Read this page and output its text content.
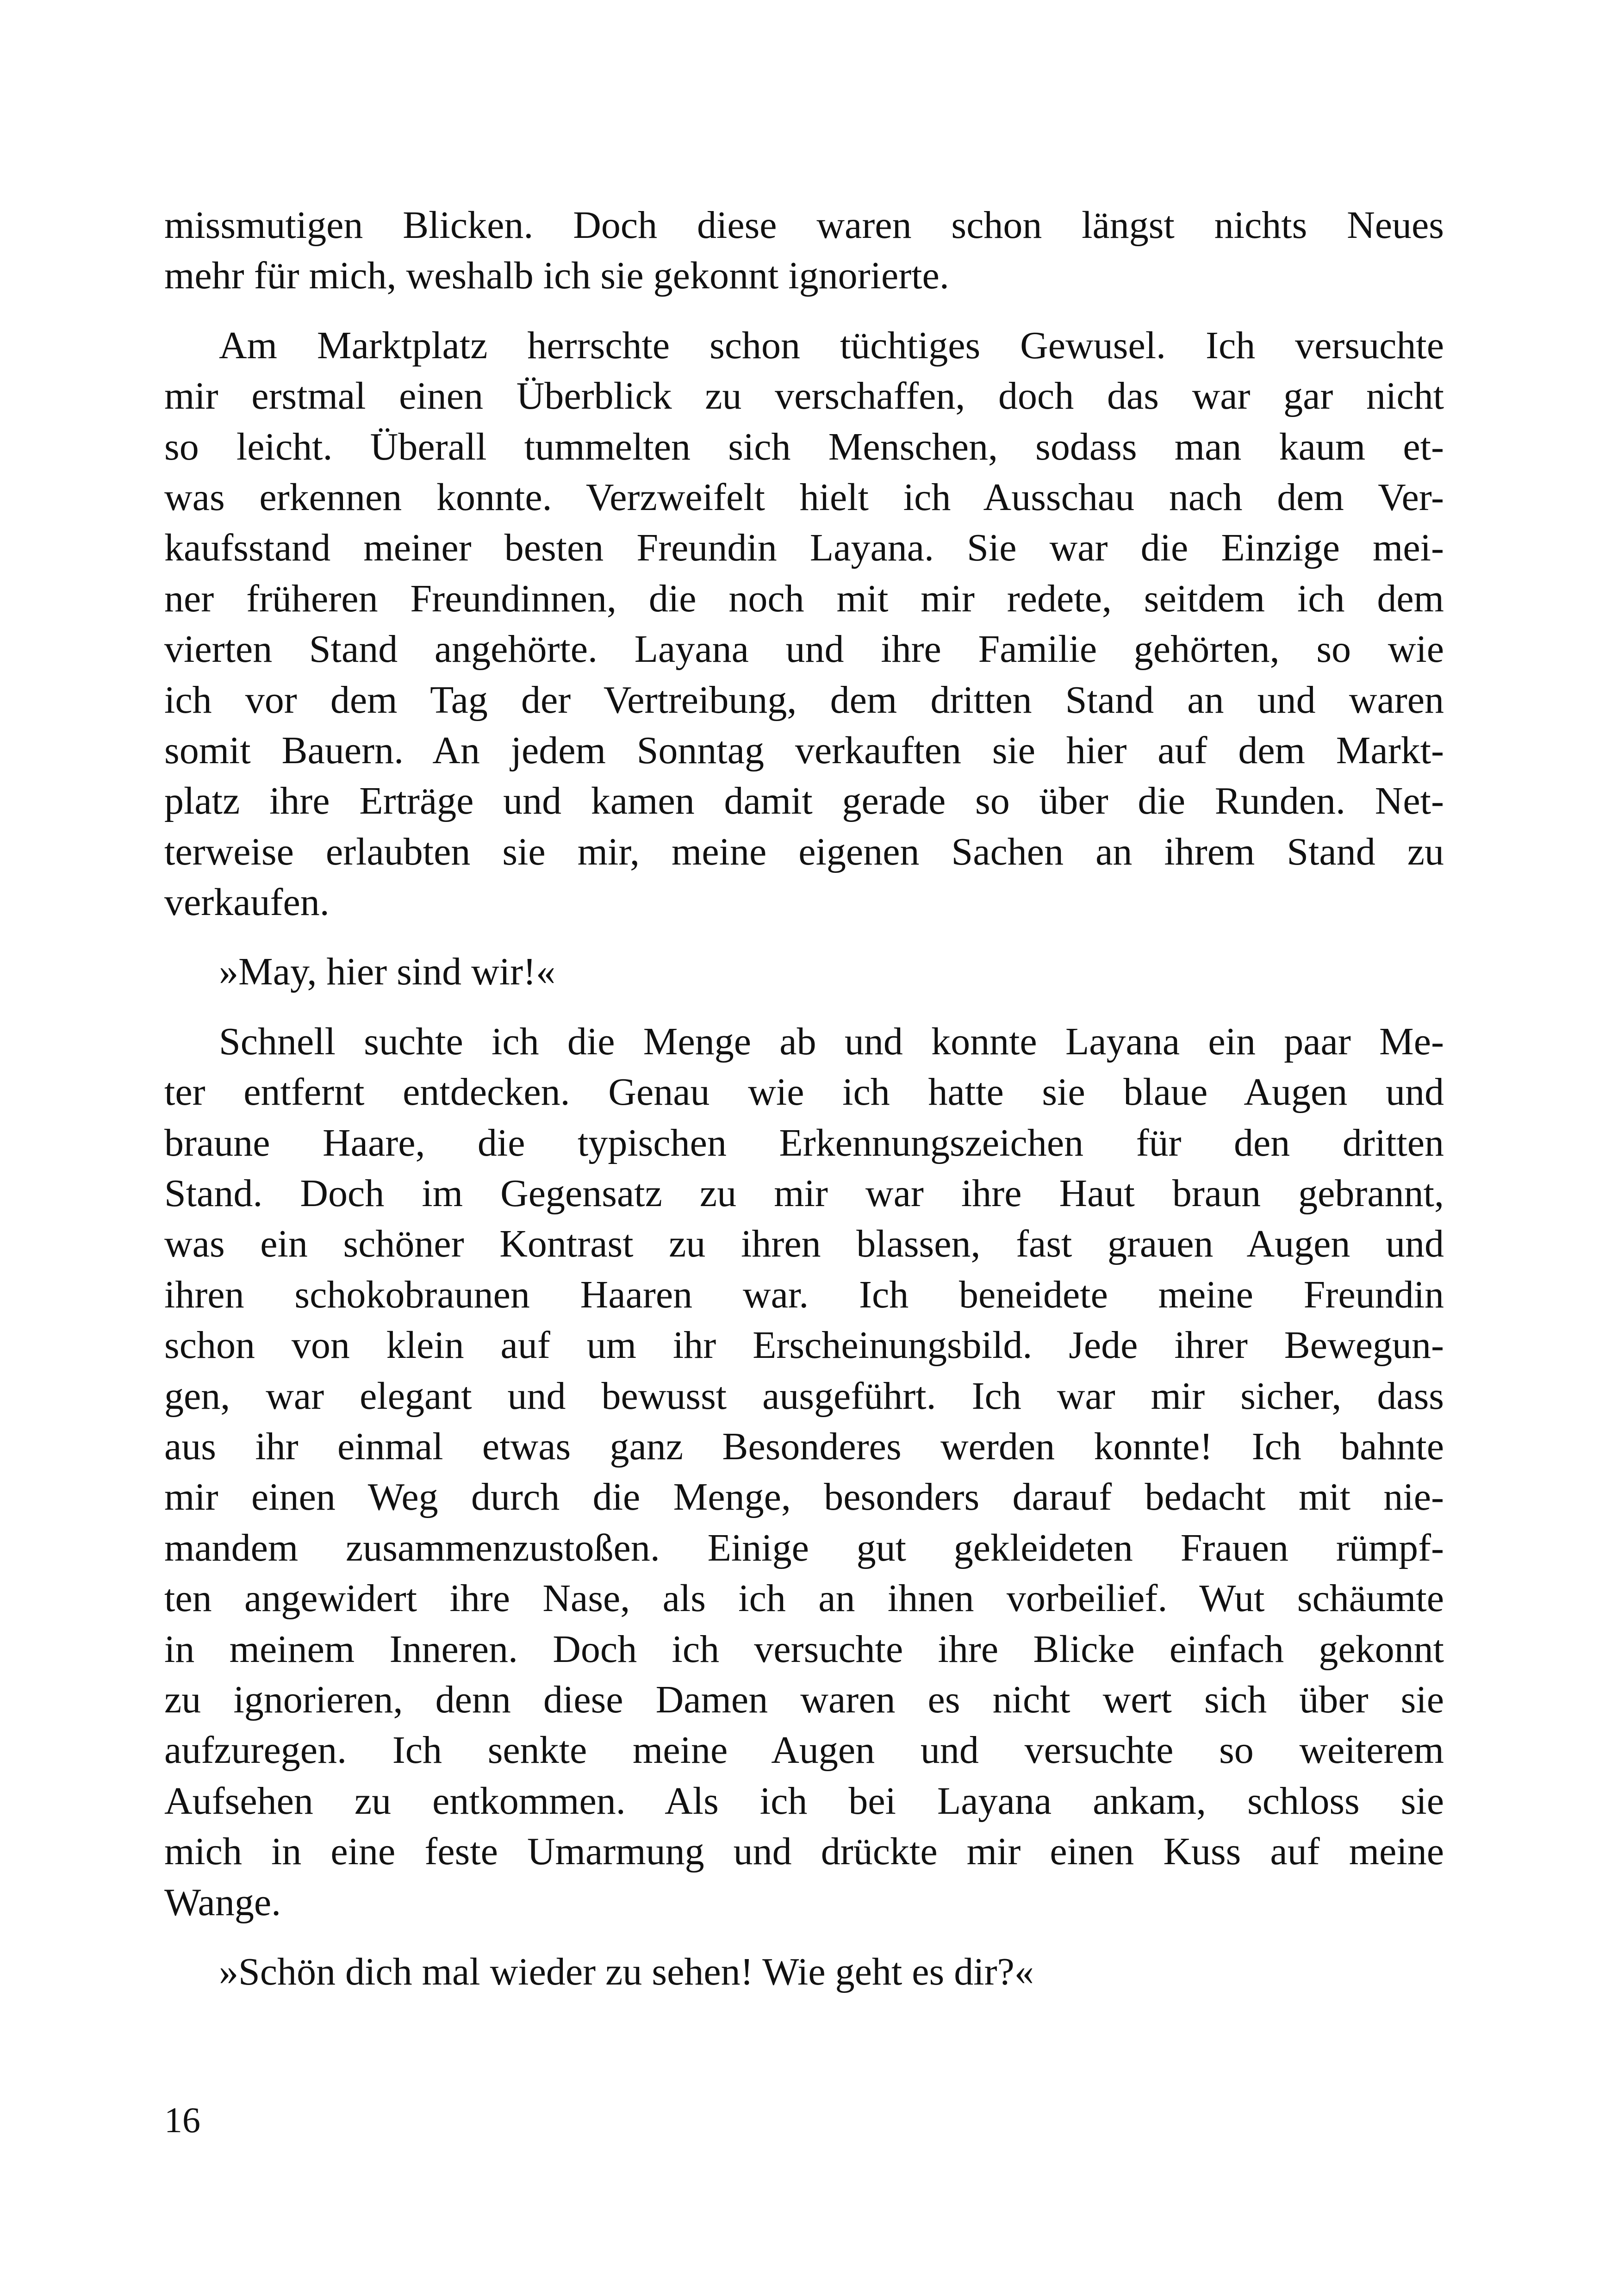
missmutigen Blicken. Doch diese waren schon längst nichts Neues
mehr für mich, weshalb ich sie gekonnt ignorierte.
Am Marktplatz herrschte schon tüchtiges Gewusel. Ich versuchte
mir erstmal einen Überblick zu verschaffen, doch das war gar nicht
so leicht. Überall tummelten sich Menschen, sodass man kaum et-
was erkennen konnte. Verzweifelt hielt ich Ausschau nach dem Ver-
kaufsstand meiner besten Freundin Layana. Sie war die Einzige mei-
ner früheren Freundinnen, die noch mit mir redete, seitdem ich dem
vierten Stand angehörte. Layana und ihre Familie gehörten, so wie
ich vor dem Tag der Vertreibung, dem dritten Stand an und waren
somit Bauern. An jedem Sonntag verkauften sie hier auf dem Markt-
platz ihre Erträge und kamen damit gerade so über die Runden. Net-
terweise erlaubten sie mir, meine eigenen Sachen an ihrem Stand zu
verkaufen.
»May, hier sind wir!«
Schnell suchte ich die Menge ab und konnte Layana ein paar Me-
ter entfernt entdecken. Genau wie ich hatte sie blaue Augen und
braune Haare, die typischen Erkennungszeichen für den dritten
Stand. Doch im Gegensatz zu mir war ihre Haut braun gebrannt,
was ein schöner Kontrast zu ihren blassen, fast grauen Augen und
ihren schokobraunen Haaren war. Ich beneidete meine Freundin
schon von klein auf um ihr Erscheinungsbild. Jede ihrer Bewegun-
gen, war elegant und bewusst ausgeführt. Ich war mir sicher, dass
aus ihr einmal etwas ganz Besonderes werden konnte! Ich bahnte
mir einen Weg durch die Menge, besonders darauf bedacht mit nie-
mandem zusammenzustoßen. Einige gut gekleideten Frauen rümpf-
ten angewidert ihre Nase, als ich an ihnen vorbeilief. Wut schäumte
in meinem Inneren. Doch ich versuchte ihre Blicke einfach gekonnt
zu ignorieren, denn diese Damen waren es nicht wert sich über sie
aufzuregen. Ich senkte meine Augen und versuchte so weiterem
Aufsehen zu entkommen. Als ich bei Layana ankam, schloss sie
mich in eine feste Umarmung und drückte mir einen Kuss auf meine
Wange.
»Schön dich mal wieder zu sehen! Wie geht es dir?«

16
